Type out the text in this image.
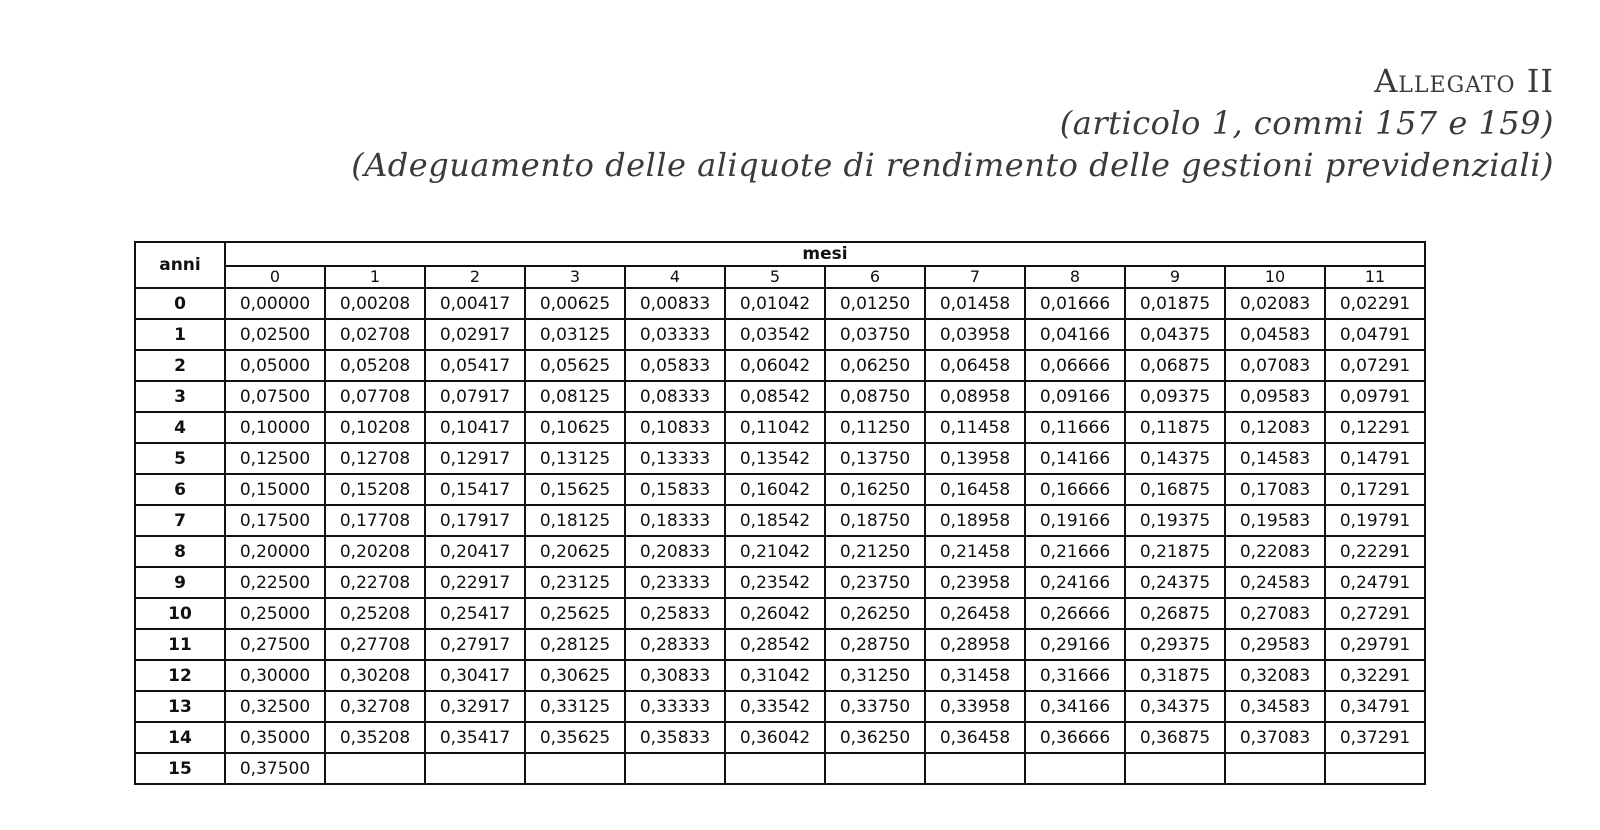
Allegato II
(articolo 1, commi 157 e 159)
(Adeguamento delle aliquote di rendimento delle gestioni previdenziali)
anni	mesi											
	0	1	2	3	4	5	6	7	8	9	10	11
0	0,00000	0,00208	0,00417	0,00625	0,00833	0,01042	0,01250	0,01458	0,01666	0,01875	0,02083	0,02291
1	0,02500	0,02708	0,02917	0,03125	0,03333	0,03542	0,03750	0,03958	0,04166	0,04375	0,04583	0,04791
2	0,05000	0,05208	0,05417	0,05625	0,05833	0,06042	0,06250	0,06458	0,06666	0,06875	0,07083	0,07291
3	0,07500	0,07708	0,07917	0,08125	0,08333	0,08542	0,08750	0,08958	0,09166	0,09375	0,09583	0,09791
4	0,10000	0,10208	0,10417	0,10625	0,10833	0,11042	0,11250	0,11458	0,11666	0,11875	0,12083	0,12291
5	0,12500	0,12708	0,12917	0,13125	0,13333	0,13542	0,13750	0,13958	0,14166	0,14375	0,14583	0,14791
6	0,15000	0,15208	0,15417	0,15625	0,15833	0,16042	0,16250	0,16458	0,16666	0,16875	0,17083	0,17291
7	0,17500	0,17708	0,17917	0,18125	0,18333	0,18542	0,18750	0,18958	0,19166	0,19375	0,19583	0,19791
8	0,20000	0,20208	0,20417	0,20625	0,20833	0,21042	0,21250	0,21458	0,21666	0,21875	0,22083	0,22291
9	0,22500	0,22708	0,22917	0,23125	0,23333	0,23542	0,23750	0,23958	0,24166	0,24375	0,24583	0,24791
10	0,25000	0,25208	0,25417	0,25625	0,25833	0,26042	0,26250	0,26458	0,26666	0,26875	0,27083	0,27291
11	0,27500	0,27708	0,27917	0,28125	0,28333	0,28542	0,28750	0,28958	0,29166	0,29375	0,29583	0,29791
12	0,30000	0,30208	0,30417	0,30625	0,30833	0,31042	0,31250	0,31458	0,31666	0,31875	0,32083	0,32291
13	0,32500	0,32708	0,32917	0,33125	0,33333	0,33542	0,33750	0,33958	0,34166	0,34375	0,34583	0,34791
14	0,35000	0,35208	0,35417	0,35625	0,35833	0,36042	0,36250	0,36458	0,36666	0,36875	0,37083	0,37291
15	0,37500											
